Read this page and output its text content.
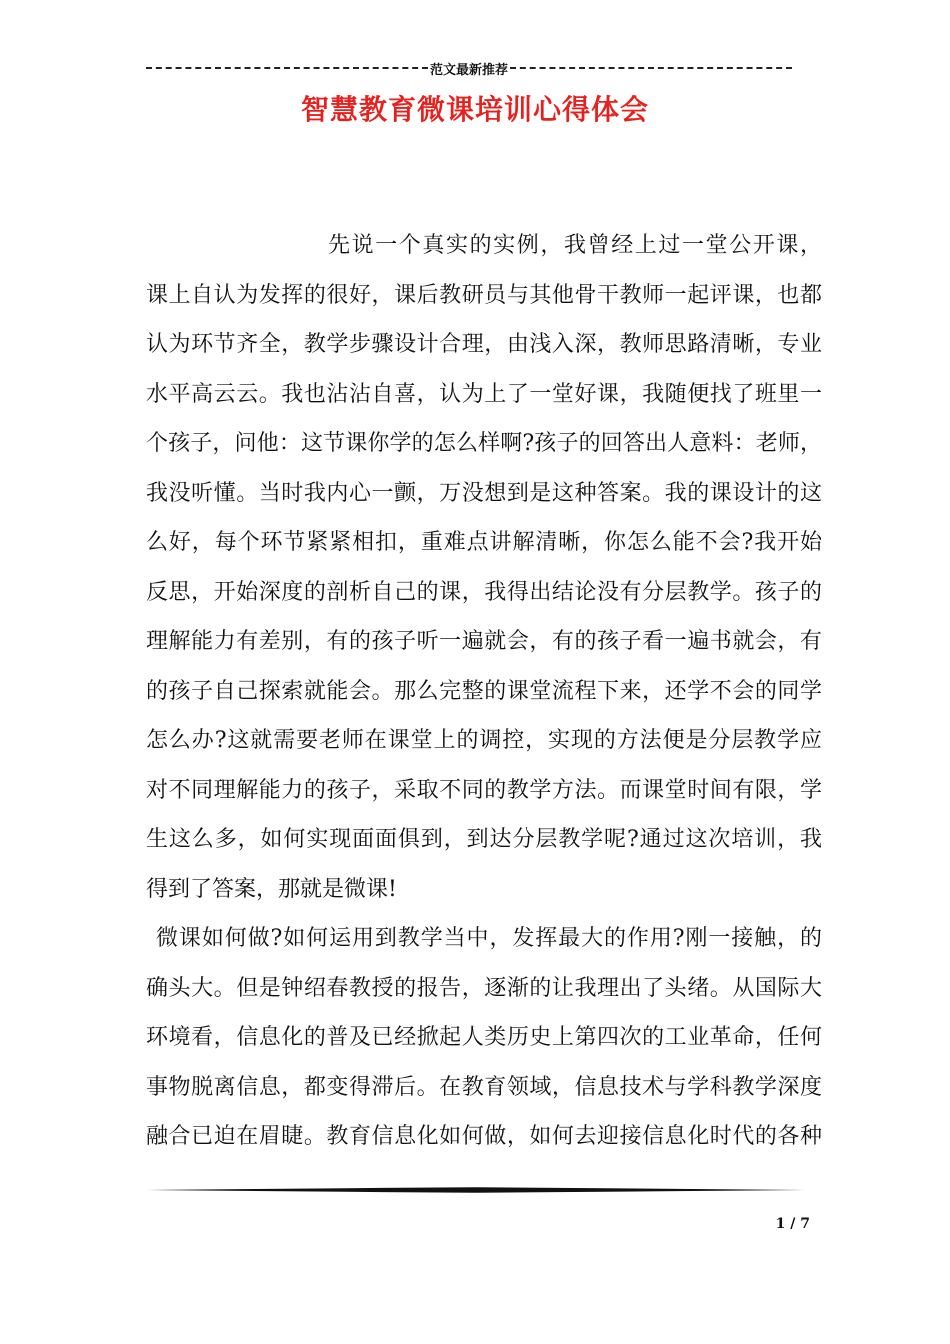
范文最新推荐
智慧教育微课培训心得体会
先说一个真实的实例，我曾经上过一堂公开课，
课上自认为发挥的很好，课后教研员与其他骨干教师一起评课，也都
认为环节齐全，教学步骤设计合理，由浅入深，教师思路清晰，专业
水平高云云。我也沾沾自喜，认为上了一堂好课，我随便找了班里一
个孩子，问他：这节课你学的怎么样啊?孩子的回答出人意料：老师，
我没听懂。当时我内心一颤，万没想到是这种答案。我的课设计的这
么好，每个环节紧紧相扣，重难点讲解清晰，你怎么能不会?我开始
反思，开始深度的剖析自己的课，我得出结论没有分层教学。孩子的
理解能力有差别，有的孩子听一遍就会，有的孩子看一遍书就会，有
的孩子自己探索就能会。那么完整的课堂流程下来，还学不会的同学
怎么办?这就需要老师在课堂上的调控，实现的方法便是分层教学应
对不同理解能力的孩子，采取不同的教学方法。而课堂时间有限，学
生这么多，如何实现面面俱到，到达分层教学呢?通过这次培训，我
得到了答案，那就是微课!
微课如何做?如何运用到教学当中，发挥最大的作用?刚一接触，的
确头大。但是钟绍春教授的报告，逐渐的让我理出了头绪。从国际大
环境看，信息化的普及已经掀起人类历史上第四次的工业革命，任何
事物脱离信息，都变得滞后。在教育领域，信息技术与学科教学深度
融合已迫在眉睫。教育信息化如何做，如何去迎接信息化时代的各种
1 / 7
